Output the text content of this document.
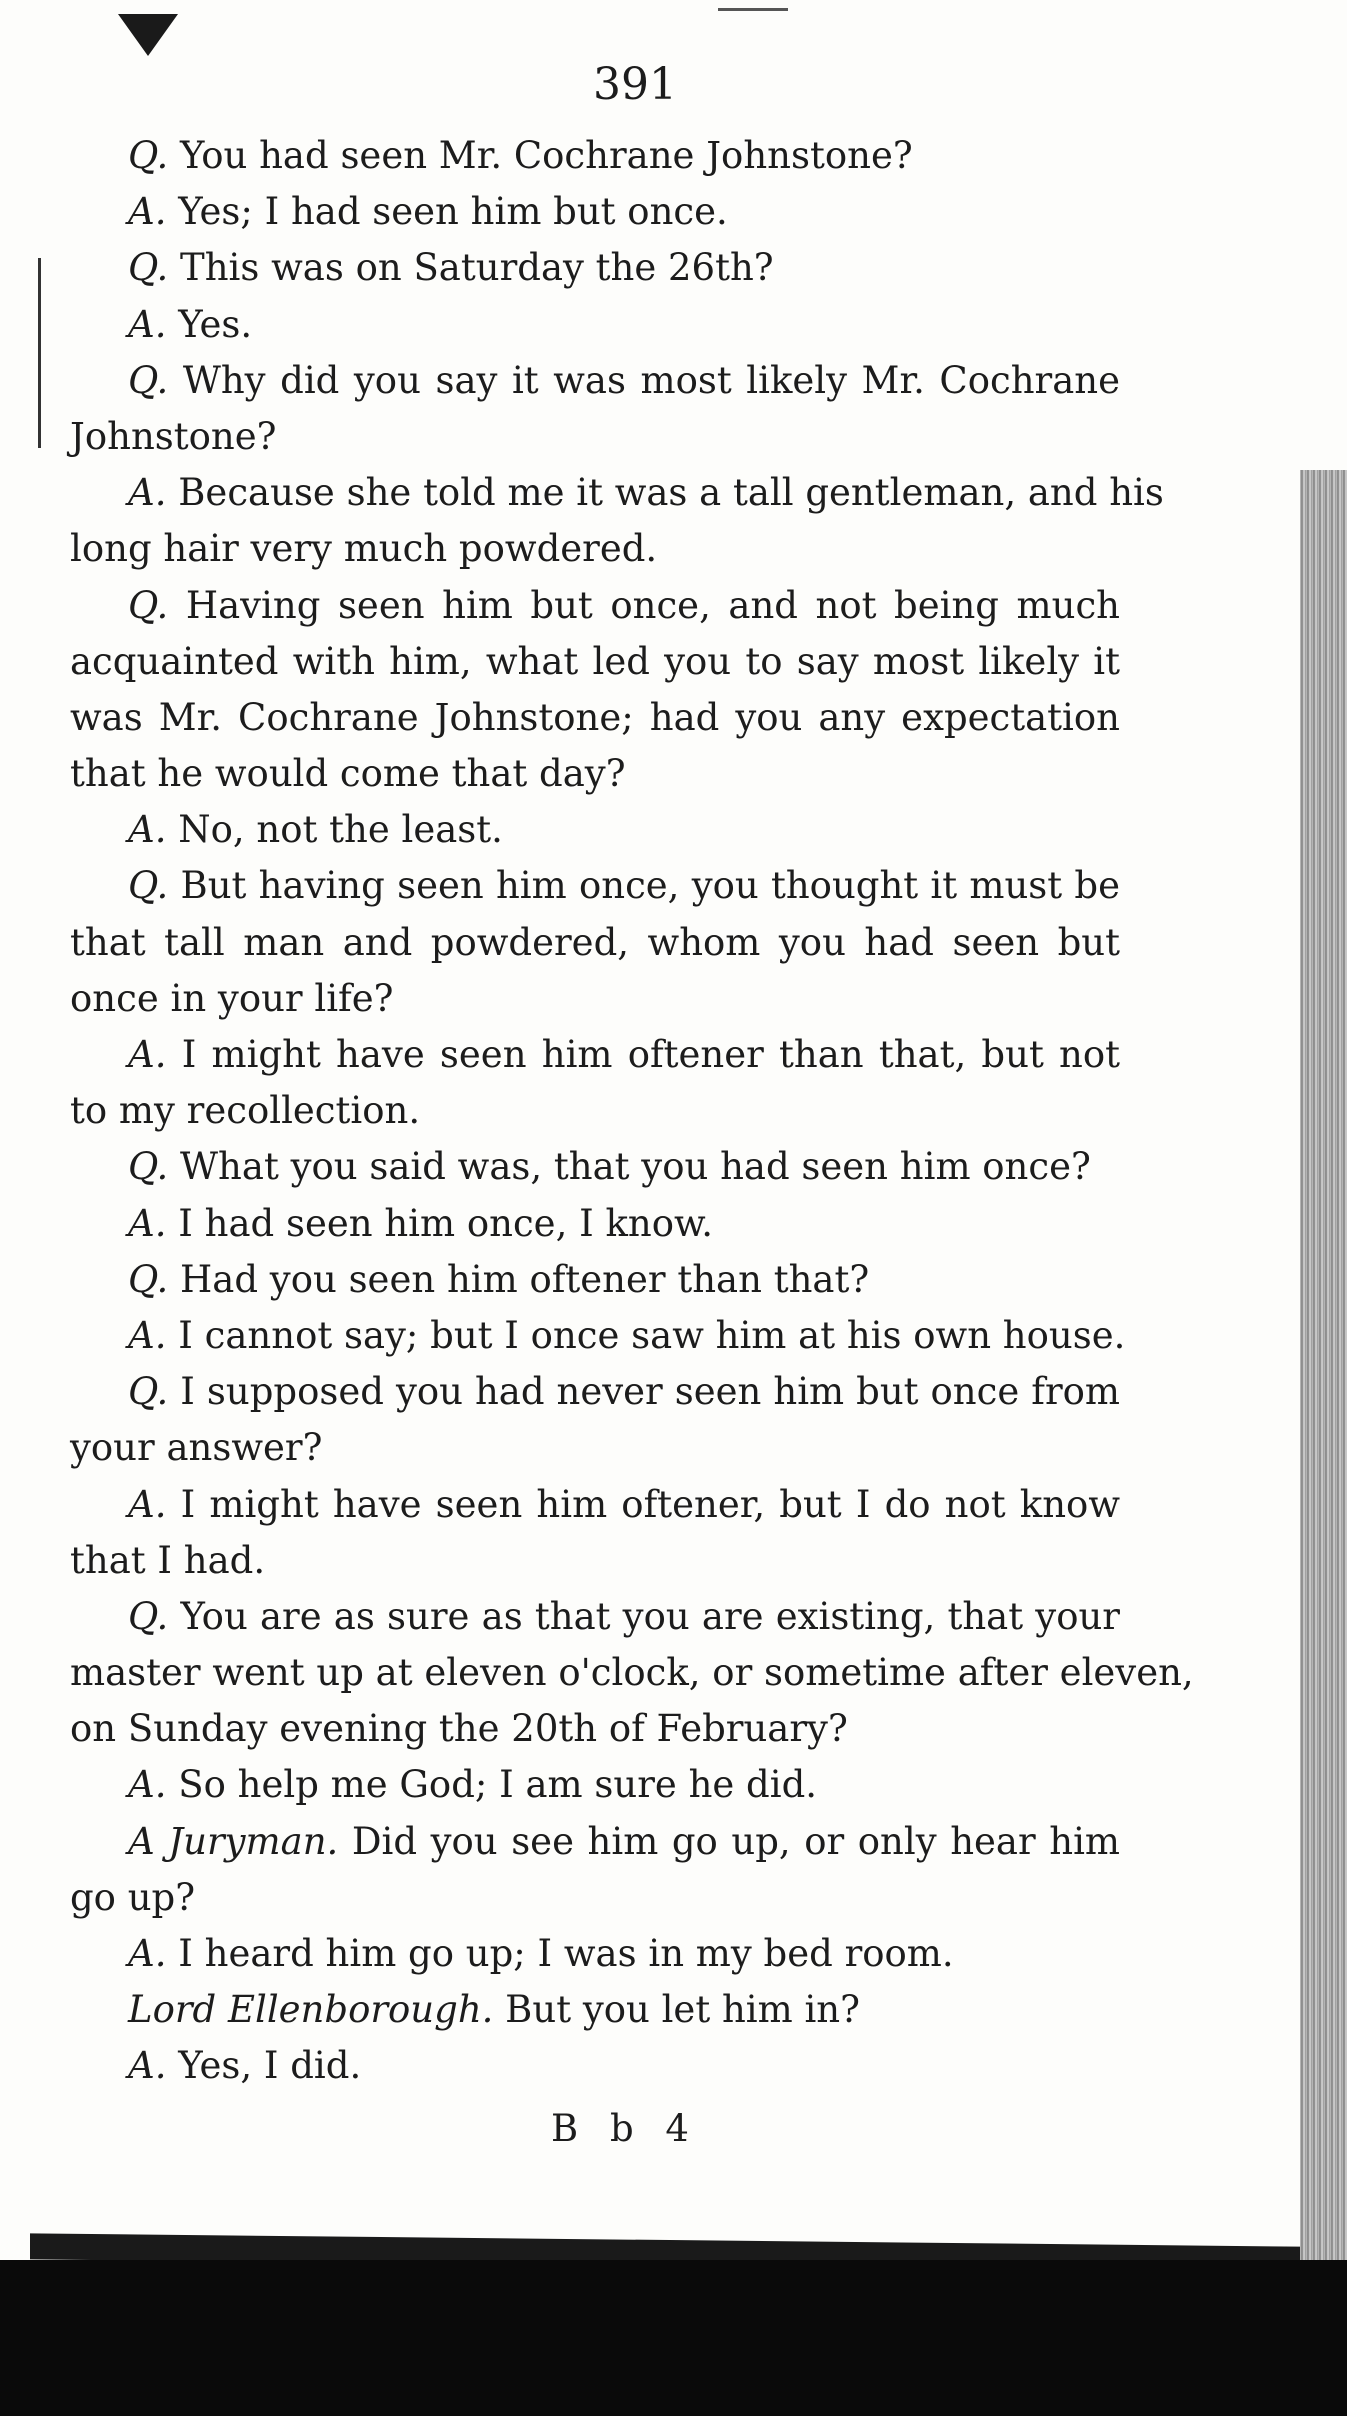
391
Q. You had seen Mr. Cochrane Johnstone?
A. Yes; I had seen him but once.
Q. This was on Saturday the 26th?
A. Yes.
Q. Why did you say it was most likely Mr. Cochrane
Johnstone?
A. Because she told me it was a tall gentleman, and his
long hair very much powdered.
Q. Having seen him but once, and not being much
acquainted with him, what led you to say most likely it
was Mr. Cochrane Johnstone; had you any expectation
that he would come that day?
A. No, not the least.
Q. But having seen him once, you thought it must be
that tall man and powdered, whom you had seen but
once in your life?
A. I might have seen him oftener than that, but not
to my recollection.
Q. What you said was, that you had seen him once?
A. I had seen him once, I know.
Q. Had you seen him oftener than that?
A. I cannot say; but I once saw him at his own house.
Q. I supposed you had never seen him but once from
your answer?
A. I might have seen him oftener, but I do not know
that I had.
Q. You are as sure as that you are existing, that your
master went up at eleven o'clock, or sometime after eleven,
on Sunday evening the 20th of February?
A. So help me God; I am sure he did.
A Juryman. Did you see him go up, or only hear him
go up?
A. I heard him go up; I was in my bed room.
Lord Ellenborough. But you let him in?
A. Yes, I did.
B b 4
